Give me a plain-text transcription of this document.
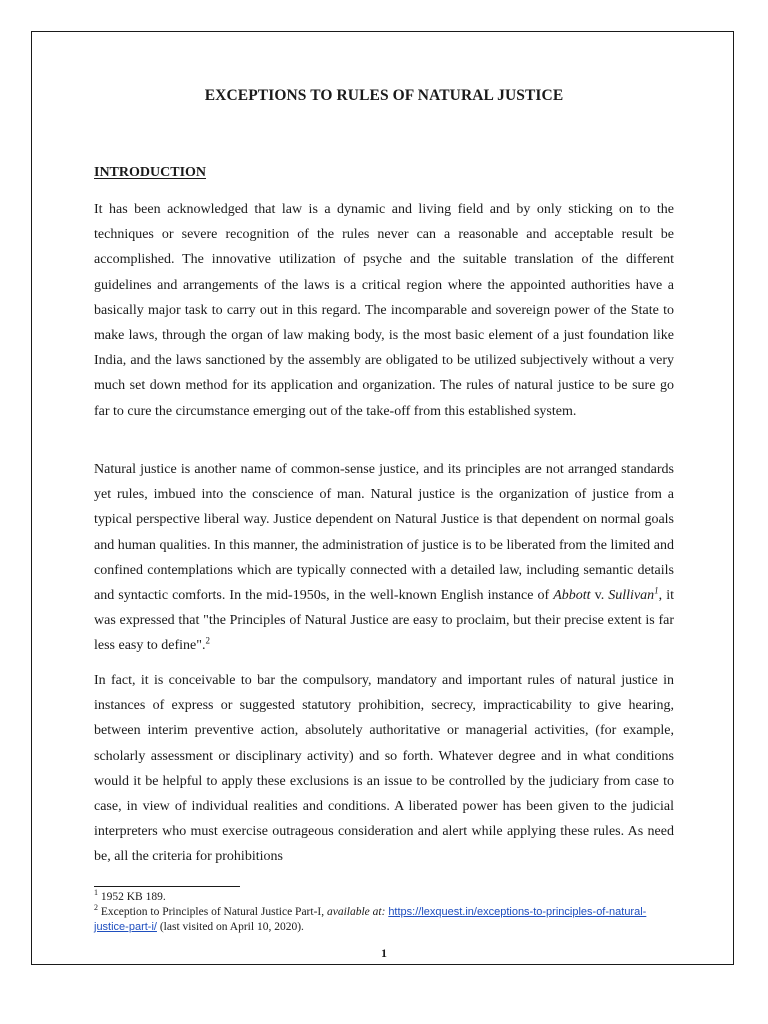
EXCEPTIONS TO RULES OF NATURAL JUSTICE
INTRODUCTION

It has been acknowledged that law is a dynamic and living field and by only sticking on to the techniques or severe recognition of the rules never can a reasonable and acceptable result be accomplished. The innovative utilization of psyche and the suitable translation of the different guidelines and arrangements of the laws is a critical region where the appointed authorities have a basically major task to carry out in this regard. The incomparable and sovereign power of the State to make laws, through the organ of law making body, is the most basic element of a just foundation like India, and the laws sanctioned by the assembly are obligated to be utilized subjectively without a very much set down method for its application and organization. The rules of natural justice to be sure go far to cure the circumstance emerging out of the take-off from this established system.

Natural justice is another name of common-sense justice, and its principles are not arranged standards yet rules, imbued into the conscience of man. Natural justice is the organization of justice from a typical perspective liberal way. Justice dependent on Natural Justice is that dependent on normal goals and human qualities. In this manner, the administration of justice is to be liberated from the limited and confined contemplations which are typically connected with a detailed law, including semantic details and syntactic comforts. In the mid-1950s, in the well-known English instance of Abbott v. Sullivan$^1$, it was expressed that "the Principles of Natural Justice are easy to proclaim, but their precise extent is far less easy to define".$^2$

In fact, it is conceivable to bar the compulsory, mandatory and important rules of natural justice in instances of express or suggested statutory prohibition, secrecy, impracticability to give hearing, between interim preventive action, absolutely authoritative or managerial activities, (for example, scholarly assessment or disciplinary activity) and so forth. Whatever degree and in what conditions would it be helpful to apply these exclusions is an issue to be controlled by the judiciary from case to case, in view of individual realities and conditions. A liberated power has been given to the judicial interpreters who must exercise outrageous consideration and alert while applying these rules. As need be, all the criteria for prohibitions

$^1$ 1952 KB 189.

$^2$ Exception to Principles of Natural Justice Part-I, available at: https://lexquest.in/exceptions-to-principles-of-natural-justice-part-i/ (last visited on April 10, 2020).

1
